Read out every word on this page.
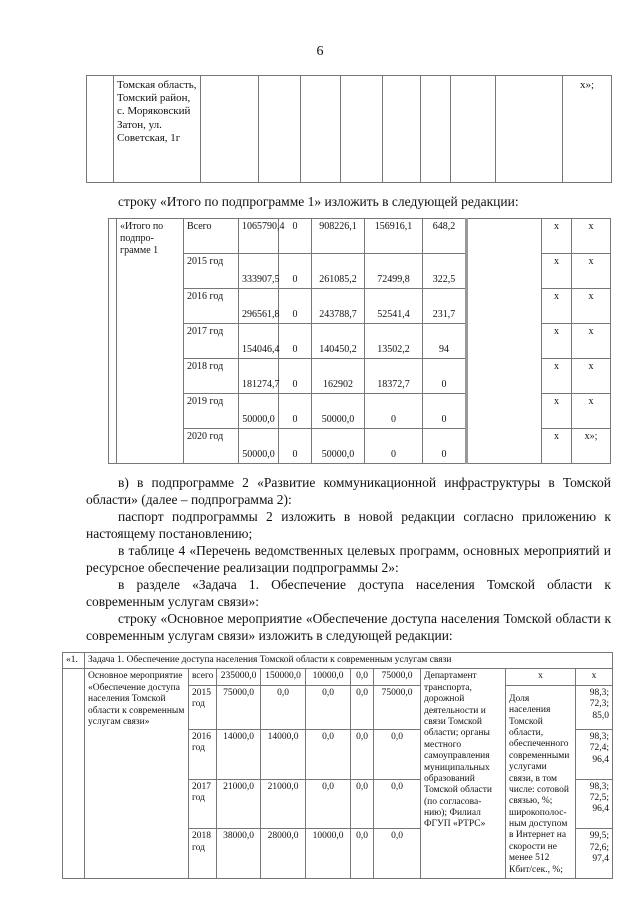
6
	Томская область, Томский район, с. Моряковский Затон, ул. Советская, 1г									х»;
строку «Итого по подпрограмме 1» изложить в следующей редакции:
	«Итого по подпро-грамме 1	Всего	1065790,4	0	908226,1	156916,1	648,2		х	х
		2015 год	333907,5	0	261085,2	72499,8	322,5		х	х
		2016 год	296561,8	0	243788,7	52541,4	231,7		х	х
		2017 год	154046,4	0	140450,2	13502,2	94		х	х
		2018 год	181274,7	0	162902	18372,7	0		х	х
		2019 год	50000,0	0	50000,0	0	0		х	х
		2020 год	50000,0	0	50000,0	0	0		х	х»;
в) в подпрограмме 2 «Развитие коммуникационной инфраструктуры в Томской области» (далее – подпрограмма 2):
паспорт подпрограммы 2 изложить в новой редакции согласно приложению к настоящему постановлению;
в таблице 4 «Перечень ведомственных целевых программ, основных мероприятий и ресурсное обеспечение реализации подпрограммы 2»:
в разделе «Задача 1. Обеспечение доступа населения Томской области к современным услугам связи»:
строку «Основное мероприятие «Обеспечение доступа населения Томской области к современным услугам связи» изложить в следующей редакции:
«1.	Задача 1. Обеспечение доступа населения Томской области к современным услугам связи									
	Основное мероприятие «Обеспечение доступа населения Томской области к современным услугам связи»	всего	235000,0	150000,0	10000,0	0,0	75000,0	Департамент транспорта, дорожной деятельности и связи Томской области; органы местного самоуправления муниципальных образований Томской области (по согласова-нию); Филиал ФГУП «РТРС»	х	х
		2015 год	75000,0	0,0	0,0	0,0	75000,0		Доля населения Томской области, обеспеченного современными услугами связи, в том числе: сотовой связью, %; широкополос-ным доступом в Интернет на скорости не менее 512 Кбит/сек., %;	98,3; 72,3; 85,0
		2016 год	14000,0	14000,0	0,0	0,0	0,0			98,3; 72,4; 96,4
		2017 год	21000,0	21000,0	0,0	0,0	0,0			98,3; 72,5; 96,4
		2018 год	38000,0	28000,0	10000,0	0,0	0,0			99,5; 72,6; 97,4
